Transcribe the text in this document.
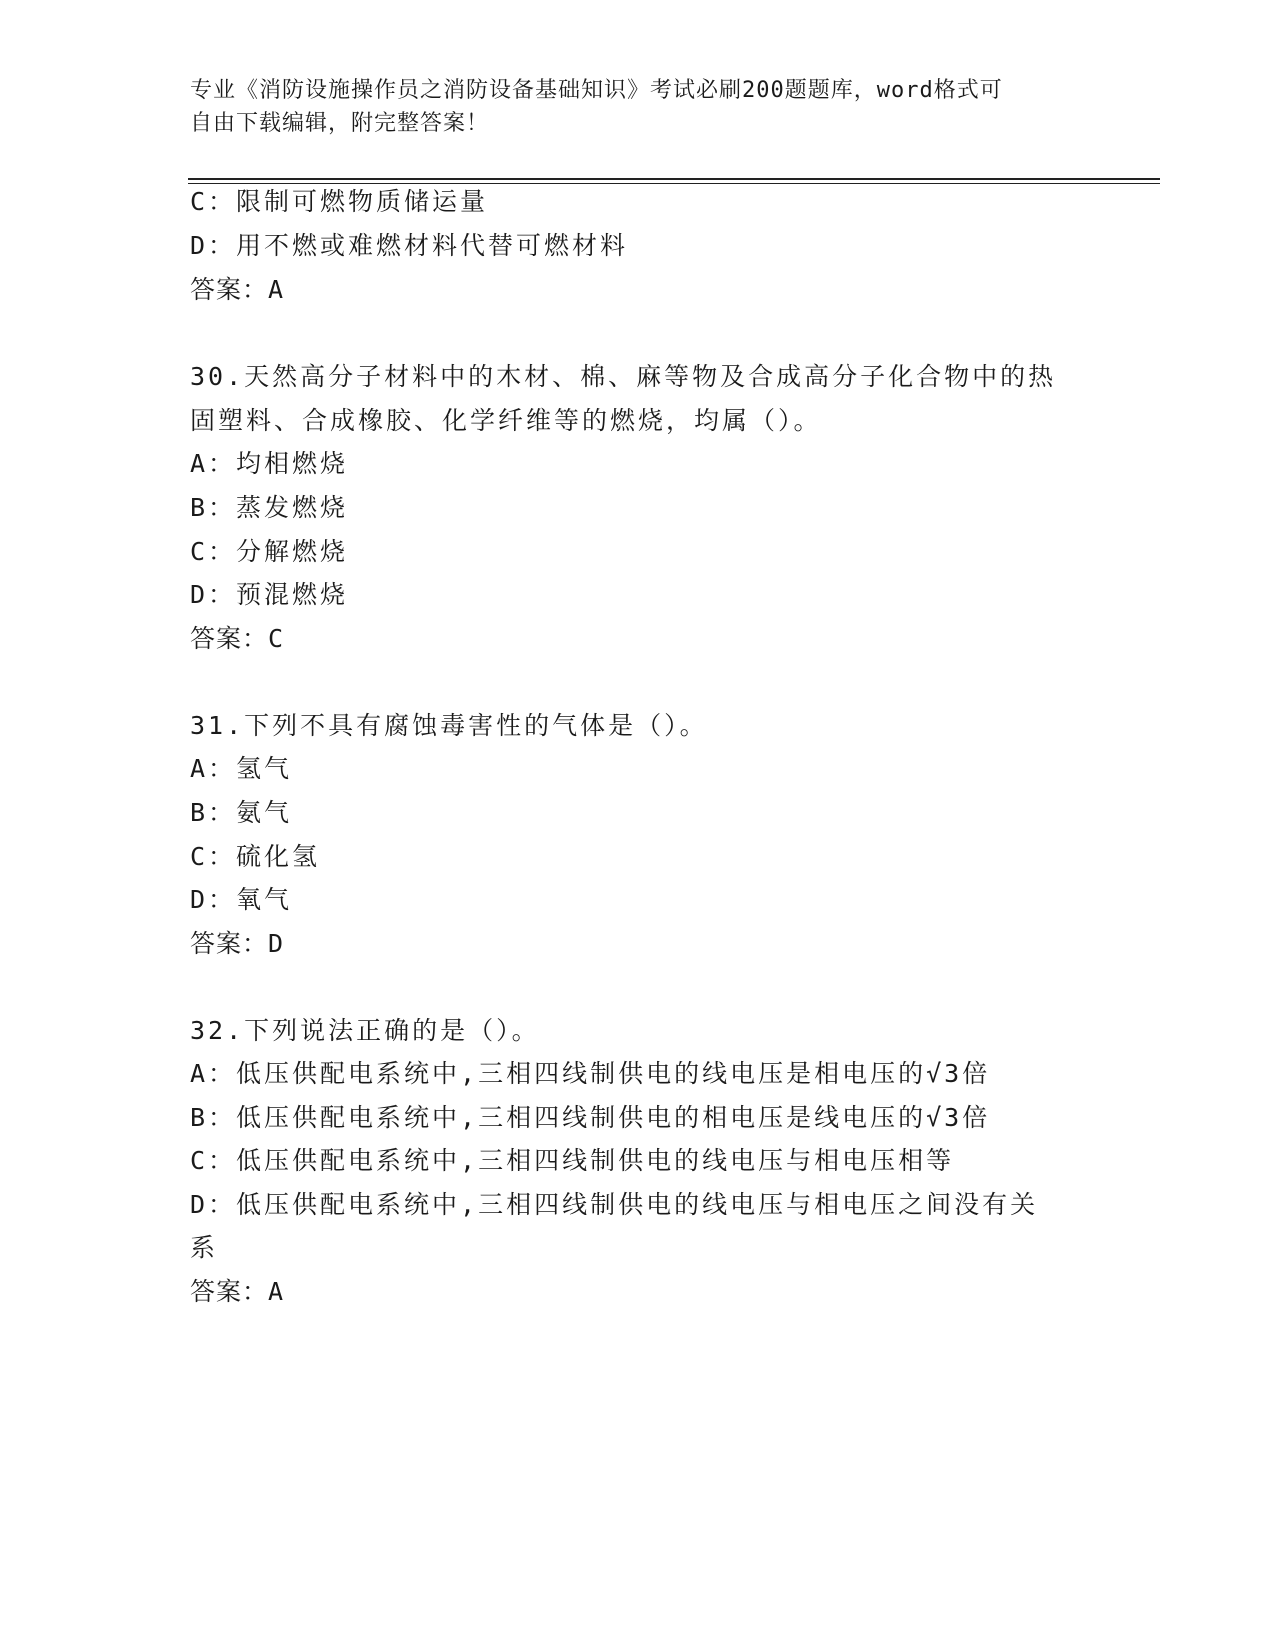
专业《消防设施操作员之消防设备基础知识》考试必刷200题题库，word格式可
自由下载编辑，附完整答案！
C：限制可燃物质储运量
D：用不燃或难燃材料代替可燃材料
答案：A
30.天然高分子材料中的木材、棉、麻等物及合成高分子化合物中的热
固塑料、合成橡胶、化学纤维等的燃烧，均属（）。
A：均相燃烧
B：蒸发燃烧
C：分解燃烧
D：预混燃烧
答案：C
31.下列不具有腐蚀毒害性的气体是（）。
A：氢气
B：氨气
C：硫化氢
D：氧气
答案：D
32.下列说法正确的是（）。
A：低压供配电系统中,三相四线制供电的线电压是相电压的√3倍
B：低压供配电系统中,三相四线制供电的相电压是线电压的√3倍
C：低压供配电系统中,三相四线制供电的线电压与相电压相等
D：低压供配电系统中,三相四线制供电的线电压与相电压之间没有关
系
答案：A
